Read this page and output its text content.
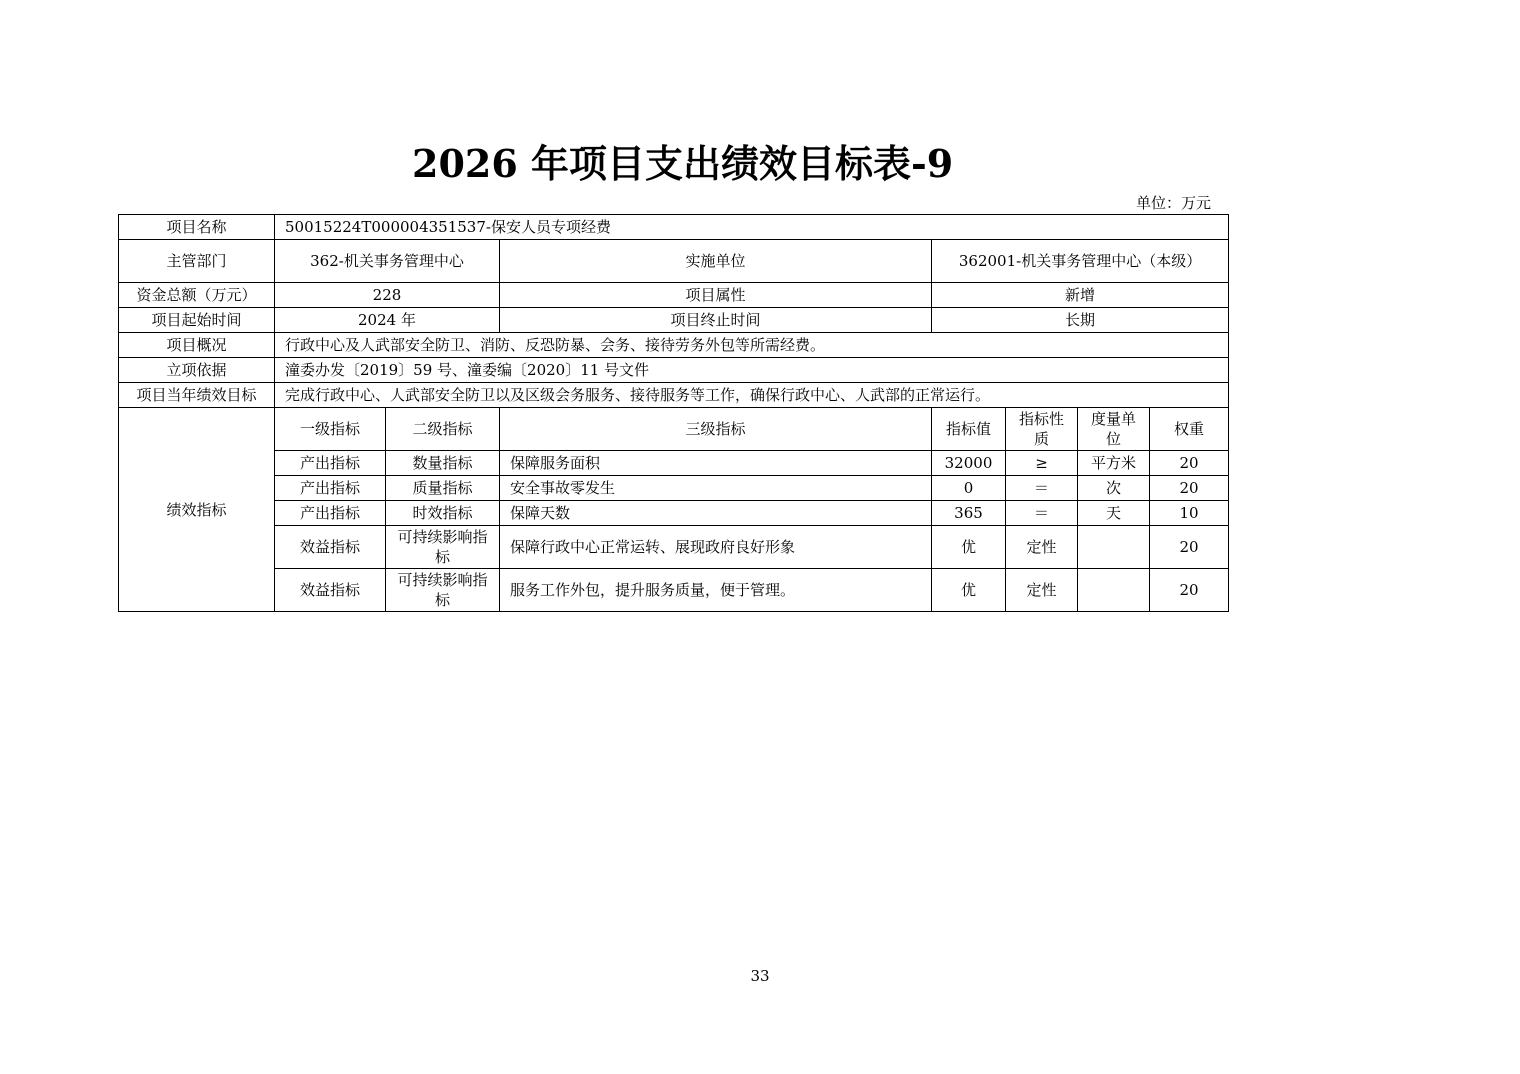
2026 年项目支出绩效目标表-9
单位：万元
项目名称	50015224T000004351537-保安人员专项经费						
主管部门	362-机关事务管理中心		实施单位	362001-机关事务管理中心（本级）			
资金总额（万元）	228		项目属性	新增			
项目起始时间	2024 年		项目终止时间	长期			
项目概况	行政中心及人武部安全防卫、消防、反恐防暴、会务、接待劳务外包等所需经费。						
立项依据	潼委办发〔2019〕59 号、潼委编〔2020〕11 号文件						
项目当年绩效目标	完成行政中心、人武部安全防卫以及区级会务服务、接待服务等工作，确保行政中心、人武部的正常运行。						
绩效指标	一级指标	二级指标	三级指标	指标值	指标性质	度量单位	权重
	产出指标	数量指标	保障服务面积	32000	≥	平方米	20
	产出指标	质量指标	安全事故零发生	0	＝	次	20
	产出指标	时效指标	保障天数	365	＝	天	10
	效益指标	可持续影响指标	保障行政中心正常运转、展现政府良好形象	优	定性		20
	效益指标	可持续影响指标	服务工作外包，提升服务质量，便于管理。	优	定性		20
33
